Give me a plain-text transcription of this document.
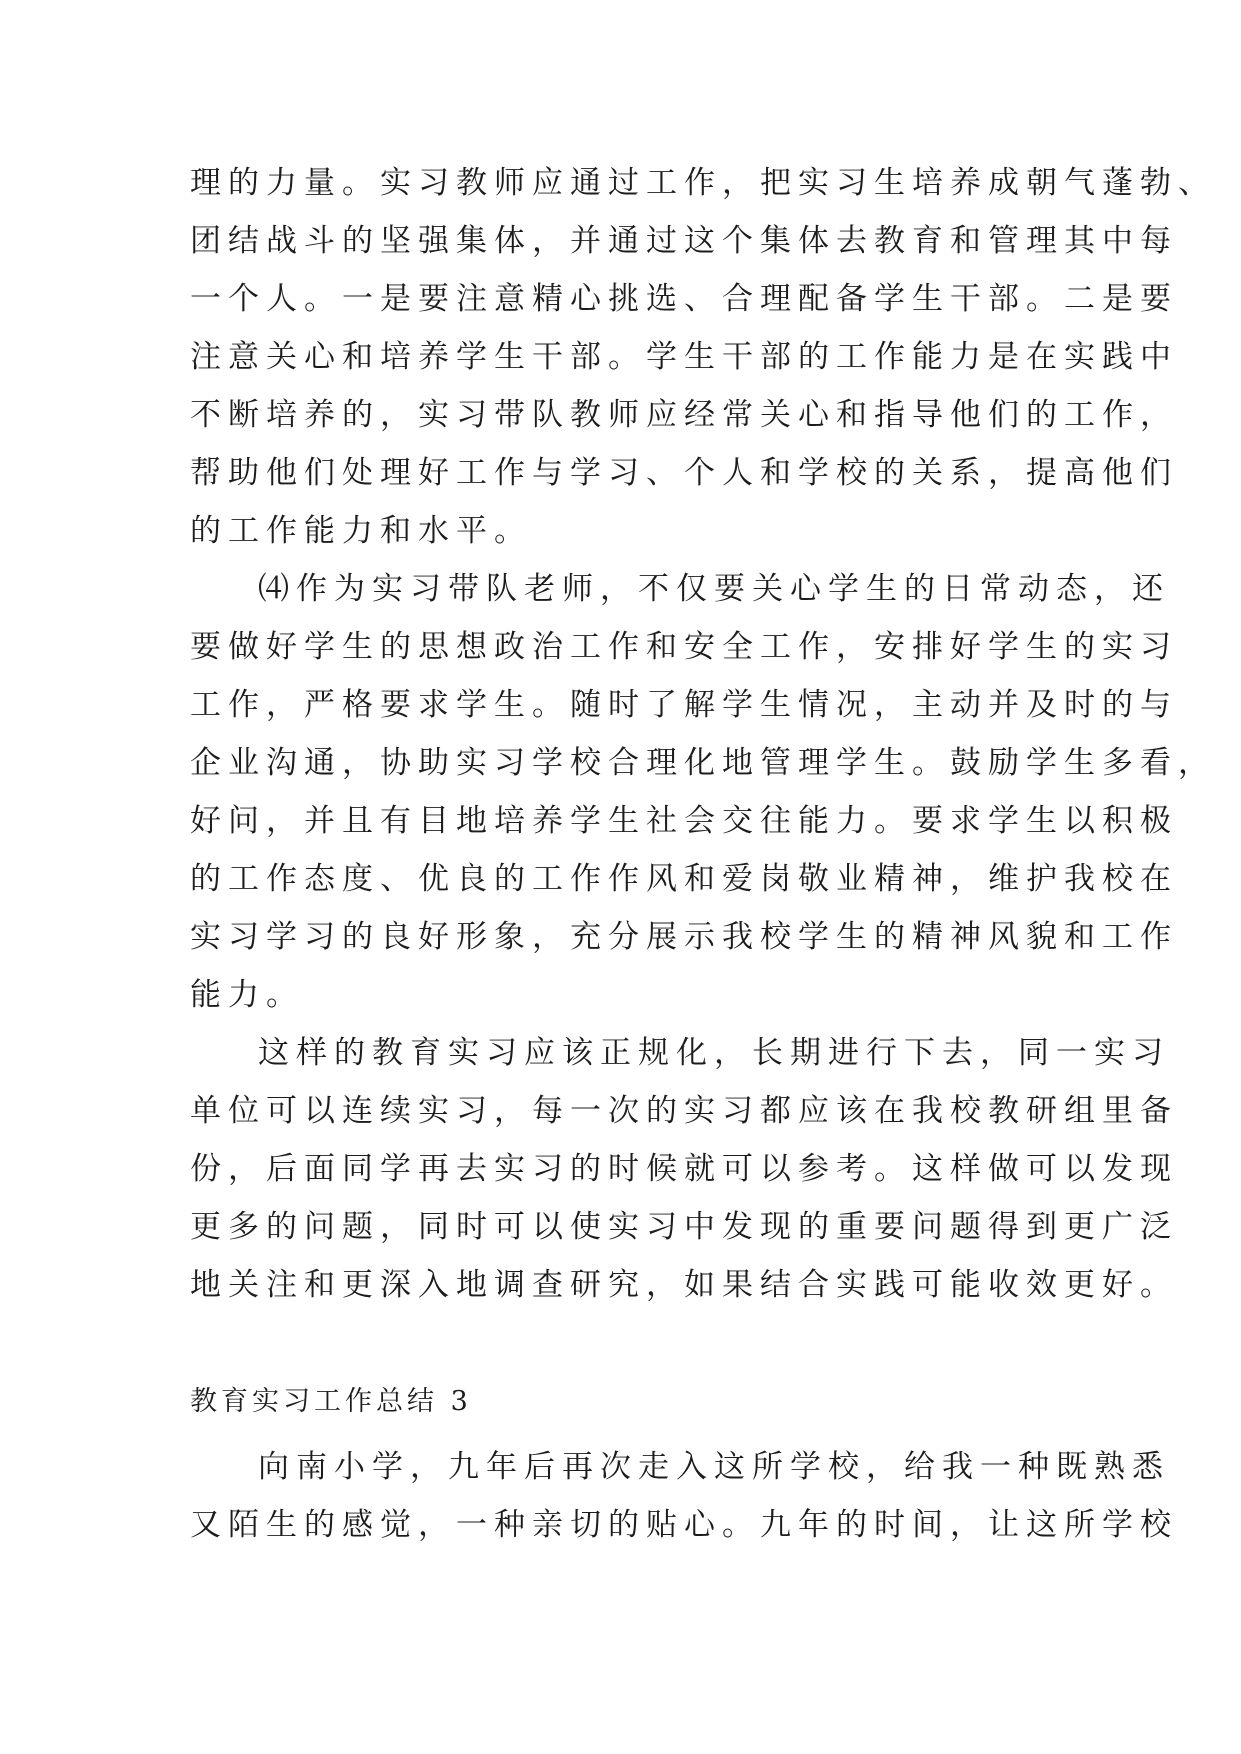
理的力量。实习教师应通过工作，把实习生培养成朝气蓬勃、
团结战斗的坚强集体，并通过这个集体去教育和管理其中每
一个人。一是要注意精心挑选、合理配备学生干部。二是要
注意关心和培养学生干部。学生干部的工作能力是在实践中
不断培养的，实习带队教师应经常关心和指导他们的工作，
帮助他们处理好工作与学习、个人和学校的关系，提高他们
的工作能力和水平。
⑷作为实习带队老师，不仅要关心学生的日常动态，还
要做好学生的思想政治工作和安全工作，安排好学生的实习
工作，严格要求学生。随时了解学生情况，主动并及时的与
企业沟通，协助实习学校合理化地管理学生。鼓励学生多看，
好问，并且有目地培养学生社会交往能力。要求学生以积极
的工作态度、优良的工作作风和爱岗敬业精神，维护我校在
实习学习的良好形象，充分展示我校学生的精神风貌和工作
能力。
这样的教育实习应该正规化，长期进行下去，同一实习
单位可以连续实习，每一次的实习都应该在我校教研组里备
份，后面同学再去实习的时候就可以参考。这样做可以发现
更多的问题，同时可以使实习中发现的重要问题得到更广泛
地关注和更深入地调查研究，如果结合实践可能收效更好。
教育实习工作总结 3
向南小学，九年后再次走入这所学校，给我一种既熟悉
又陌生的感觉，一种亲切的贴心。九年的时间，让这所学校
